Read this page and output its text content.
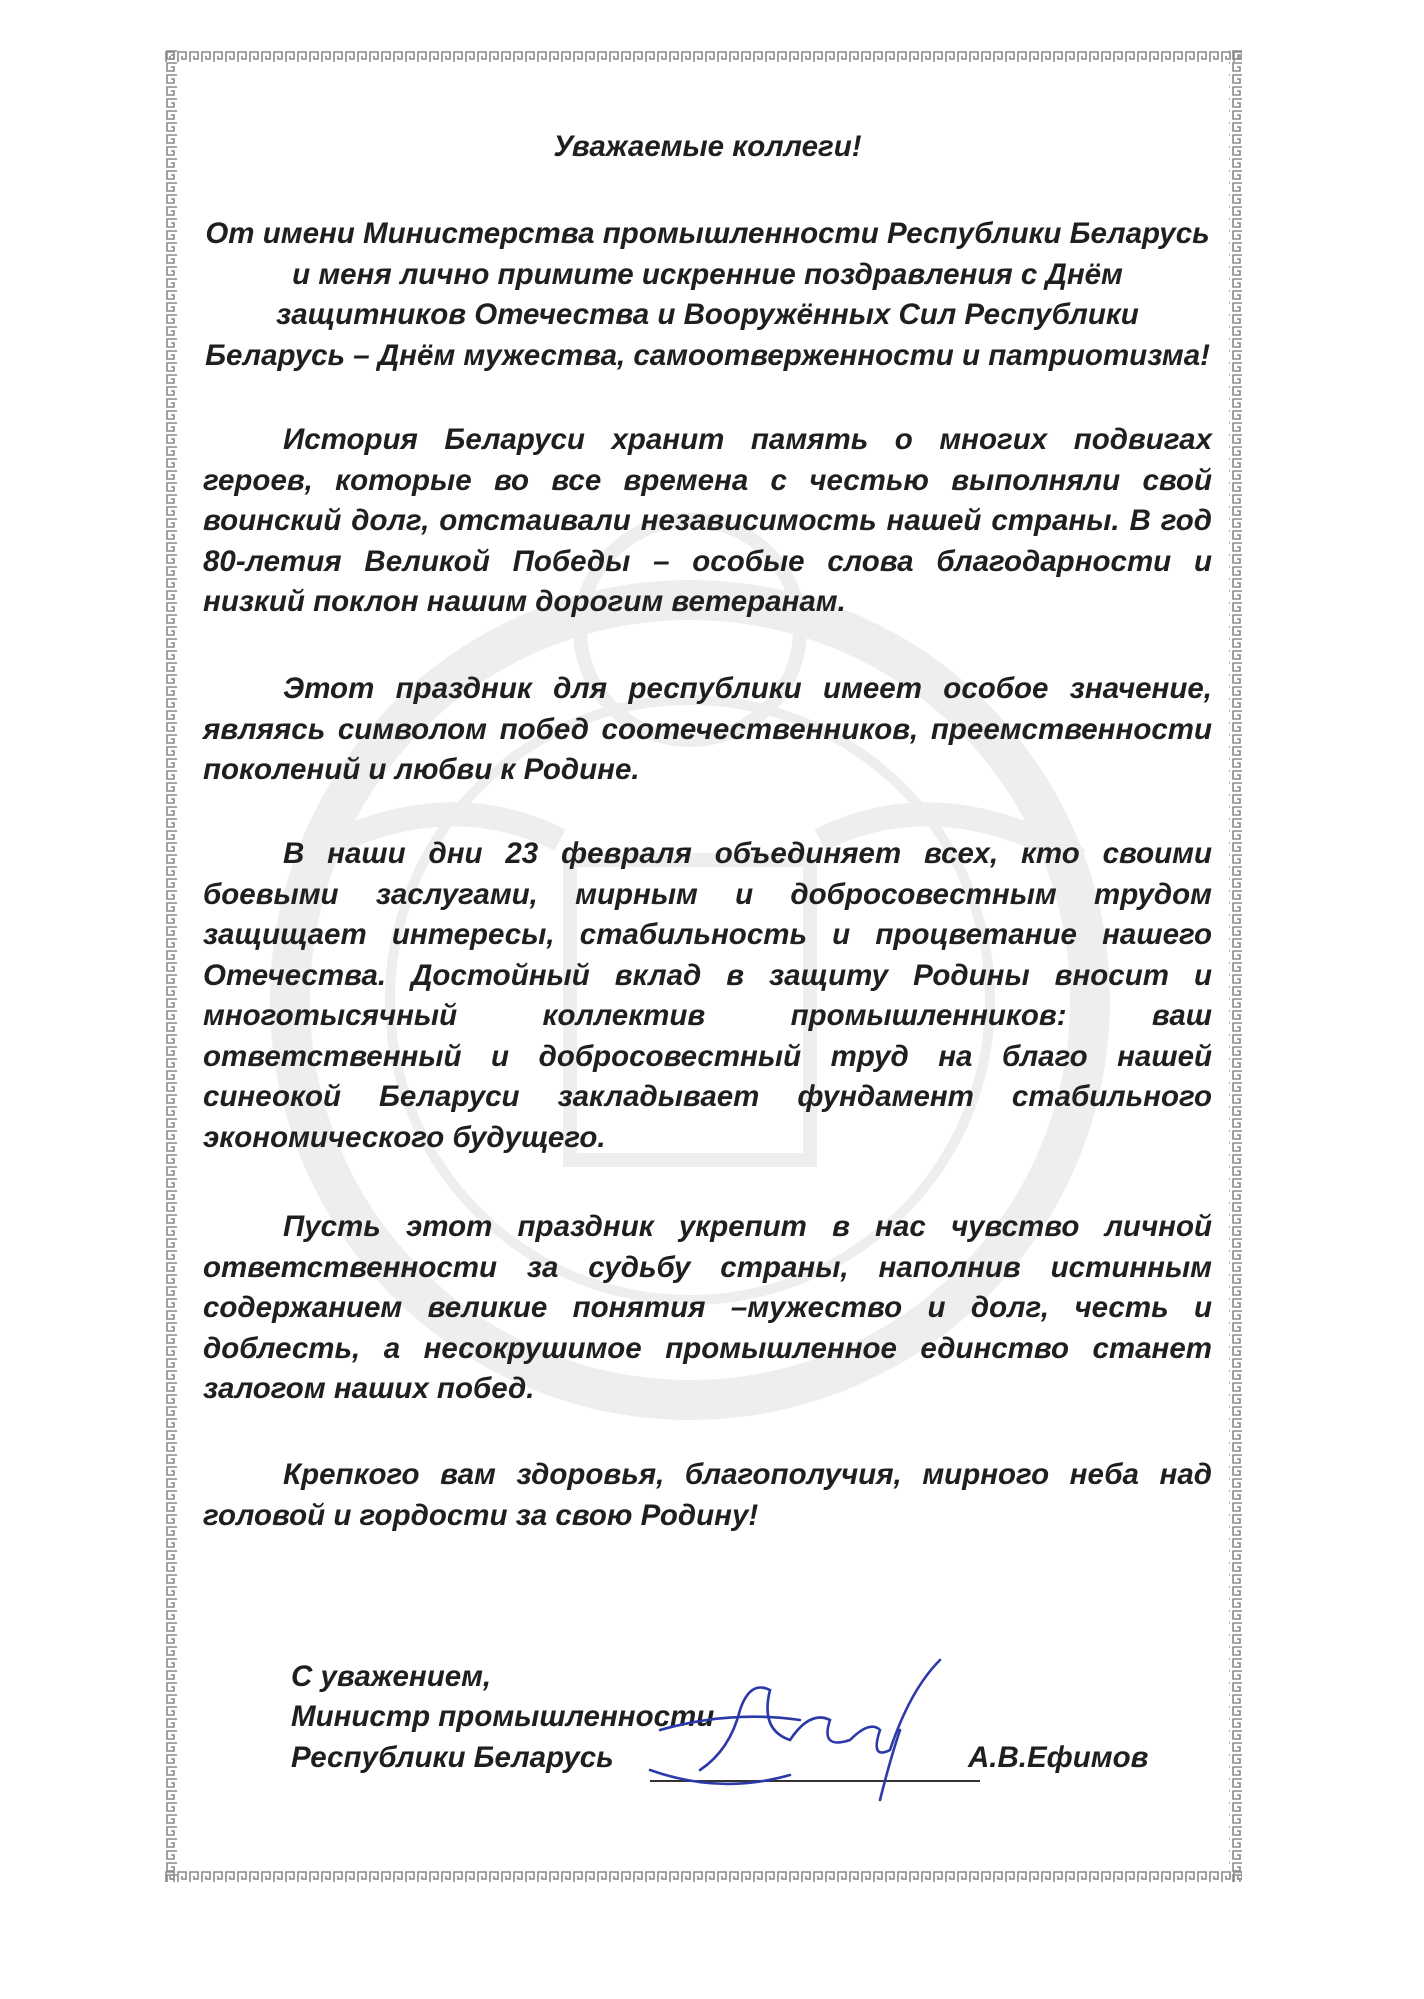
Уважаемые коллеги!
От имени Министерства промышленности Республики Беларусь и меня лично примите искренние поздравления с Днём защитников Отечества и Вооружённых Сил Республики Беларусь – Днём мужества, самоотверженности и патриотизма!
История Беларуси хранит память о многих подвигах героев, которые во все времена с честью выполняли свой воинский долг, отстаивали независимость нашей страны. В год 80-летия Великой Победы – особые слова благодарности и низкий поклон нашим дорогим ветеранам.
Этот праздник для республики имеет особое значение, являясь символом побед соотечественников, преемственности поколений и любви к Родине.
В наши дни 23 февраля объединяет всех, кто своими боевыми заслугами, мирным и добросовестным трудом защищает интересы, стабильность и процветание нашего Отечества. Достойный вклад в защиту Родины вносит и многотысячный коллектив промышленников: ваш ответственный и добросовестный труд на благо нашей синеокой Беларуси закладывает фундамент стабильного экономического будущего.
Пусть этот праздник укрепит в нас чувство личной ответственности за судьбу страны, наполнив истинным содержанием великие понятия –мужество и долг, честь и доблесть, а несокрушимое промышленное единство станет залогом наших побед.
Крепкого вам здоровья, благополучия, мирного неба над головой и гордости за свою Родину!
С уважением,
Министр промышленности
Республики Беларусь	А.В.Ефимов
